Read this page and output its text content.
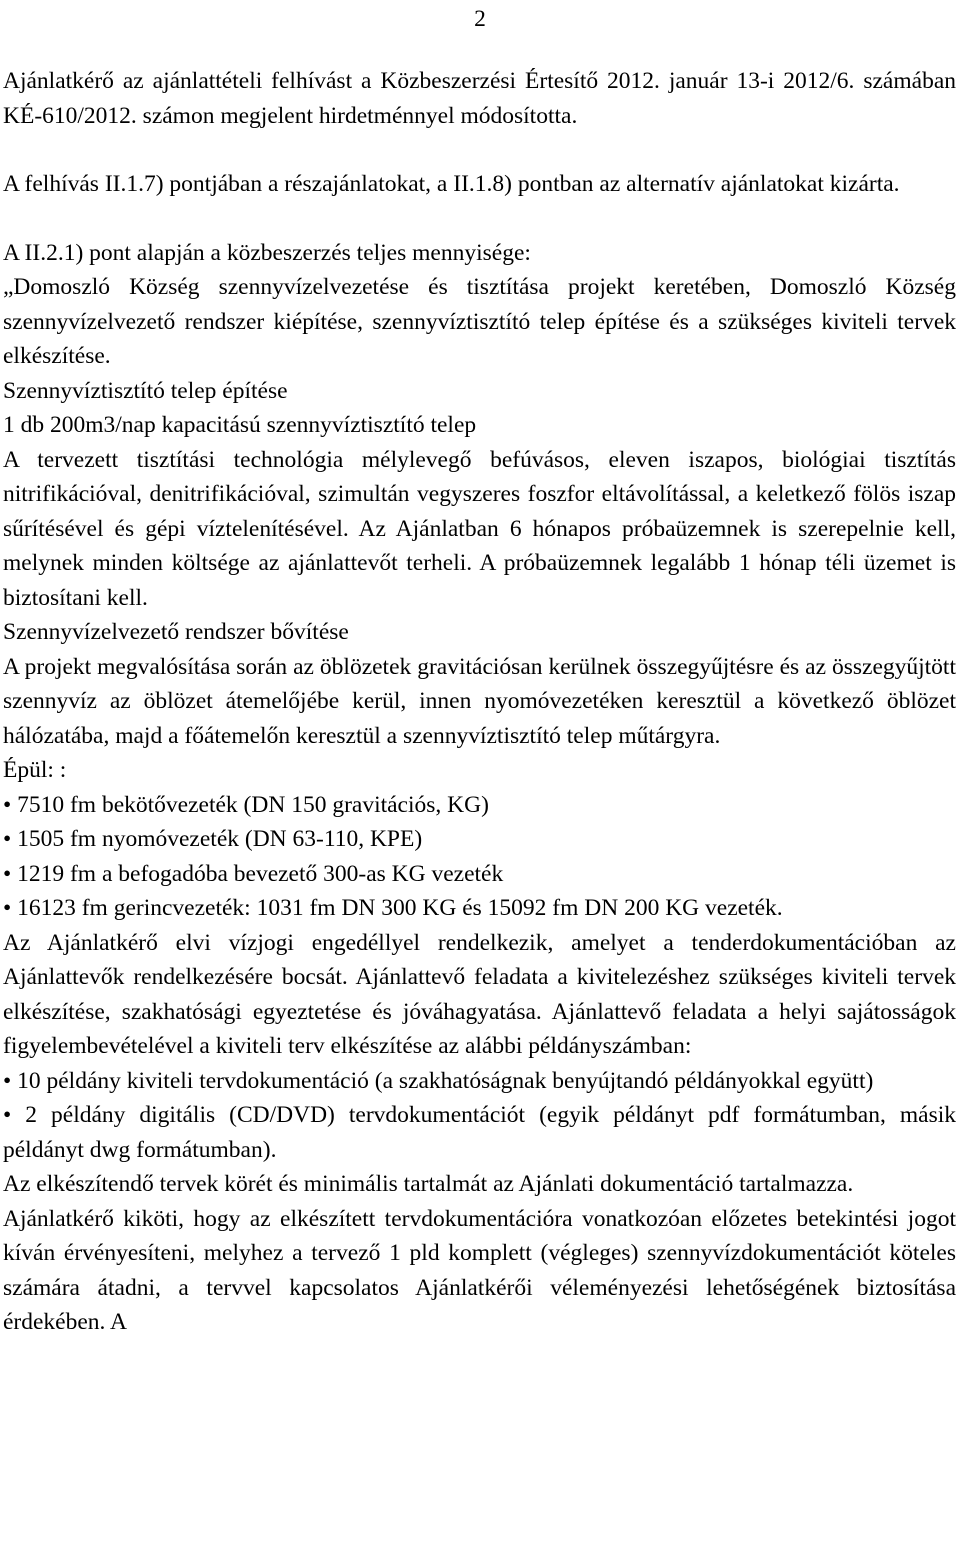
2

Ajánlatkérő az ajánlattételi felhívást a Közbeszerzési Értesítő 2012. január 13-i 2012/6. számában KÉ-610/2012. számon megjelent hirdetménnyel módosította.

A felhívás II.1.7) pontjában a részajánlatokat, a II.1.8) pontban az alternatív ajánlatokat kizárta.

A II.2.1) pont alapján a közbeszerzés teljes mennyisége:

„Domoszló Község szennyvízelvezetése és tisztítása projekt keretében, Domoszló Község szennyvízelvezető rendszer kiépítése, szennyvíztisztító telep építése és a szükséges kiviteli tervek elkészítése.

Szennyvíztisztító telep építése

1 db 200m3/nap kapacitású szennyvíztisztító telep

A tervezett tisztítási technológia mélylevegő befúvásos, eleven iszapos, biológiai tisztítás nitrifikációval, denitrifikációval, szimultán vegyszeres foszfor eltávolítással, a keletkező fölös iszap sűrítésével és gépi víztelenítésével. Az Ajánlatban 6 hónapos próbaüzemnek is szerepelnie kell, melynek minden költsége az ajánlattevőt terheli. A próbaüzemnek legalább 1 hónap téli üzemet is biztosítani kell.

Szennyvízelvezető rendszer bővítése

A projekt megvalósítása során az öblözetek gravitációsan kerülnek összegyűjtésre és az összegyűjtött szennyvíz az öblözet átemelőjébe kerül, innen nyomóvezetéken keresztül a következő öblözet hálózatába, majd a főátemelőn keresztül a szennyvíztisztító telep műtárgyra.

Épül: :

• 7510 fm bekötővezeték (DN 150 gravitációs, KG)
• 1505 fm nyomóvezeték (DN 63-110, KPE)
• 1219 fm a befogadóba bevezető 300-as KG vezeték
• 16123 fm gerincvezeték: 1031 fm DN 300 KG és 15092 fm DN 200 KG vezeték.

Az Ajánlatkérő elvi vízjogi engedéllyel rendelkezik, amelyet a tenderdokumentációban az Ajánlattevők rendelkezésére bocsát. Ajánlattevő feladata a kivitelezéshez szükséges kiviteli tervek elkészítése, szakhatósági egyeztetése és jóváhagyatása. Ajánlattevő feladata a helyi sajátosságok figyelembevételével a kiviteli terv elkészítése az alábbi példányszámban:

• 10 példány kiviteli tervdokumentáció (a szakhatóságnak benyújtandó példányokkal együtt)
• 2 példány digitális (CD/DVD) tervdokumentációt (egyik példányt pdf formátumban, másik példányt dwg formátumban).

Az elkészítendő tervek körét és minimális tartalmát az Ajánlati dokumentáció tartalmazza.

Ajánlatkérő kiköti, hogy az elkészített tervdokumentációra vonatkozóan előzetes betekintési jogot kíván érvényesíteni, melyhez a tervező 1 pld komplett (végleges) szennyvízdokumentációt köteles számára átadni, a tervvel kapcsolatos Ajánlatkérői véleményezési lehetőségének biztosítása érdekében. A
